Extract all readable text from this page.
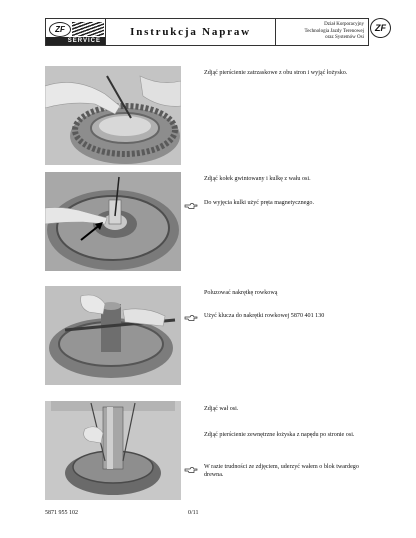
ZF
SERVICE
Instrukcja Napraw
Dział Korporacyjny
Technologia Jazdy Terenowej
oraz Systemów Osi
ZF
Zdjąć pierścienie zatrzaskowe z obu stron i wyjąć łożysko.
Zdjąć kołek gwintowany i kulkę z wału osi.
Do wyjęcia kulki użyć pręta magnetycznego.
Poluzować nakrętkę rowkową
Użyć klucza do nakrętki rowkowej 5870 401 130
Zdjąć wał osi.
Zdjąć pierścienie zewnętrzne łożyska z napędu po stronie osi.
W razie trudności ze zdjęciem, uderzyć wałem o blok twardego drewna.
5871 955 102	0/11
